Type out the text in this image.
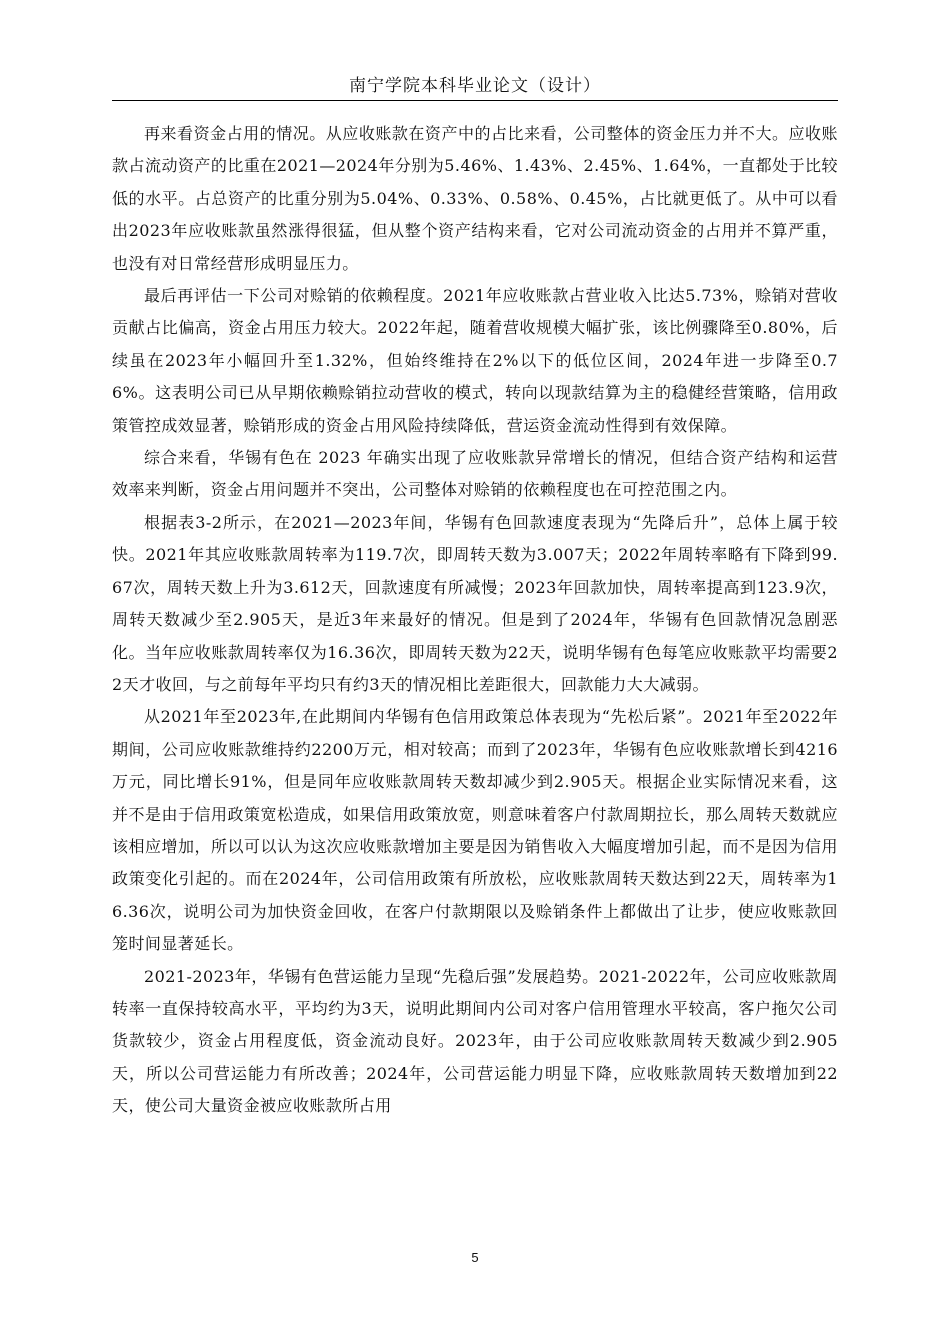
南宁学院本科毕业论文（设计）

再来看资金占用的情况。从应收账款在资产中的占比来看，公司整体的资金压力并不大。应收账款占流动资产的比重在2021—2024年分别为5.46%、1.43%、2.45%、1.64%，一直都处于比较低的水平。占总资产的比重分别为5.04%、0.33%、0.58%、0.45%，占比就更低了。从中可以看出2023年应收账款虽然涨得很猛，但从整个资产结构来看，它对公司流动资金的占用并不算严重，也没有对日常经营形成明显压力。

最后再评估一下公司对赊销的依赖程度。2021年应收账款占营业收入比达5.73%，赊销对营收贡献占比偏高，资金占用压力较大。2022年起，随着营收规模大幅扩张，该比例骤降至0.80%，后续虽在2023年小幅回升至1.32%，但始终维持在2%以下的低位区间，2024年进一步降至0.76%。这表明公司已从早期依赖赊销拉动营收的模式，转向以现款结算为主的稳健经营策略，信用政策管控成效显著，赊销形成的资金占用风险持续降低，营运资金流动性得到有效保障。

综合来看，华锡有色在 2023 年确实出现了应收账款异常增长的情况，但结合资产结构和运营效率来判断，资金占用问题并不突出，公司整体对赊销的依赖程度也在可控范围之内。

根据表3-2所示，在2021—2023年间，华锡有色回款速度表现为“先降后升”，总体上属于较快。2021年其应收账款周转率为119.7次，即周转天数为3.007天；2022年周转率略有下降到99.67次，周转天数上升为3.612天，回款速度有所减慢；2023年回款加快，周转率提高到123.9次，周转天数减少至2.905天，是近3年来最好的情况。但是到了2024年，华锡有色回款情况急剧恶化。当年应收账款周转率仅为16.36次，即周转天数为22天，说明华锡有色每笔应收账款平均需要22天才收回，与之前每年平均只有约3天的情况相比差距很大，回款能力大大减弱。

从2021年至2023年,在此期间内华锡有色信用政策总体表现为“先松后紧”。2021年至2022年期间，公司应收账款维持约2200万元，相对较高；而到了2023年，华锡有色应收账款增长到4216万元，同比增长91%，但是同年应收账款周转天数却减少到2.905天。根据企业实际情况来看，这并不是由于信用政策宽松造成，如果信用政策放宽，则意味着客户付款周期拉长，那么周转天数就应该相应增加，所以可以认为这次应收账款增加主要是因为销售收入大幅度增加引起，而不是因为信用政策变化引起的。而在2024年，公司信用政策有所放松，应收账款周转天数达到22天，周转率为16.36次，说明公司为加快资金回收，在客户付款期限以及赊销条件上都做出了让步，使应收账款回笼时间显著延长。

2021-2023年，华锡有色营运能力呈现“先稳后强”发展趋势。2021-2022年，公司应收账款周转率一直保持较高水平，平均约为3天，说明此期间内公司对客户信用管理水平较高，客户拖欠公司货款较少，资金占用程度低，资金流动良好。2023年，由于公司应收账款周转天数减少到2.905天，所以公司营运能力有所改善；2024年，公司营运能力明显下降，应收账款周转天数增加到22天，使公司大量资金被应收账款所占用

5
